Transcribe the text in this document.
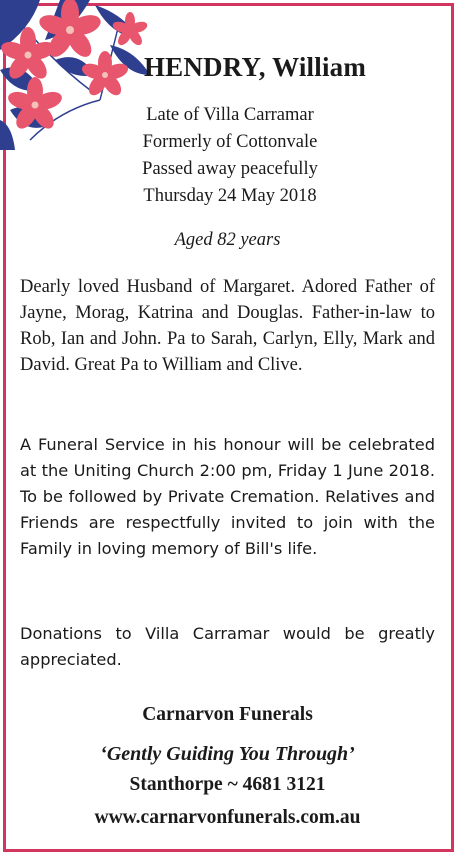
HENDRY, William
Late of Villa Carramar
Formerly of Cottonvale
Passed away peacefully
Thursday 24 May 2018
Aged 82 years

Dearly loved Husband of Margaret. Adored Father of Jayne, Morag, Katrina and Douglas. Father-in-law to Rob, Ian and John. Pa to Sarah, Carlyn, Elly, Mark and David. Great Pa to William and Clive.

A Funeral Service in his honour will be celebrated at the Uniting Church 2:00 pm, Friday 1 June 2018. To be followed by Private Cremation. Relatives and Friends are respectfully invited to join with the Family in loving memory of Bill's life.

Donations to Villa Carramar would be greatly appreciated.

Carnarvon Funerals
‘Gently Guiding You Through’
Stanthorpe ~ 4681 3121
www.carnarvonfunerals.com.au
